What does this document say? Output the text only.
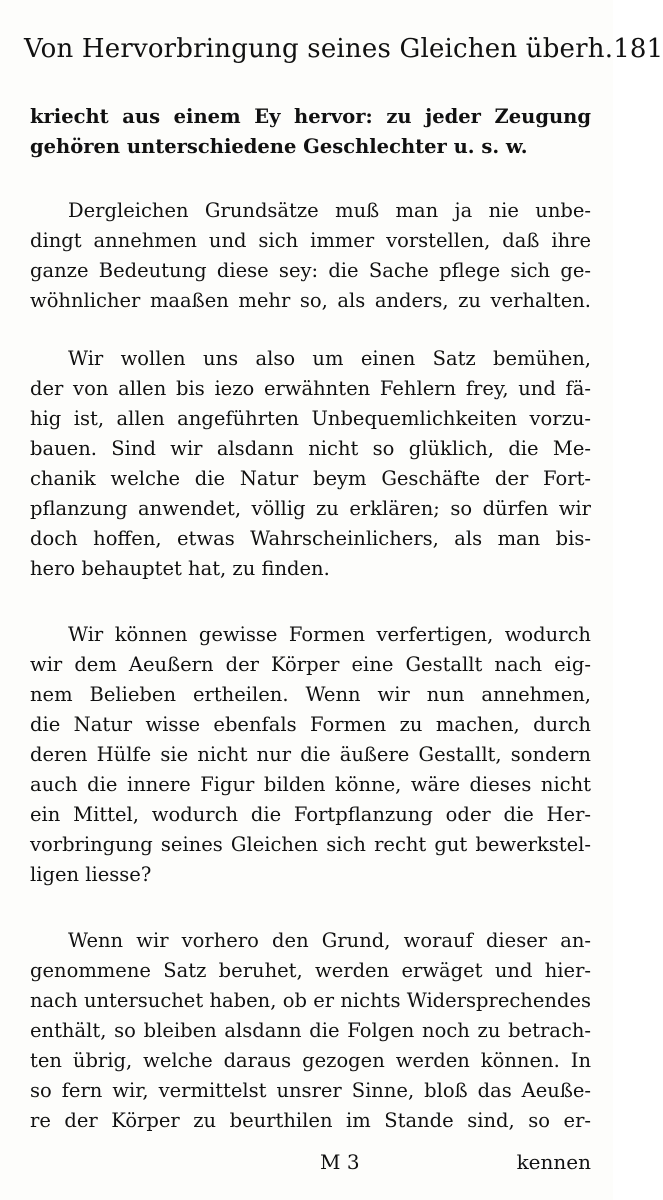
Von Hervorbringung seines Gleichen überh. 181
kriecht aus einem Ey hervor: zu jeder Zeugung
gehören unterschiedene Geschlechter u. s. w.
Dergleichen Grundsätze muß man ja nie unbe-
dingt annehmen und sich immer vorstellen, daß ihre
ganze Bedeutung diese sey: die Sache pflege sich ge-
wöhnlicher maaßen mehr so, als anders, zu verhalten.
Wir wollen uns also um einen Satz bemühen,
der von allen bis iezo erwähnten Fehlern frey, und fä-
hig ist, allen angeführten Unbequemlichkeiten vorzu-
bauen. Sind wir alsdann nicht so glüklich, die Me-
chanik welche die Natur beym Geschäfte der Fort-
pflanzung anwendet, völlig zu erklären; so dürfen wir
doch hoffen, etwas Wahrscheinlichers, als man bis-
hero behauptet hat, zu finden.
Wir können gewisse Formen verfertigen, wodurch
wir dem Aeußern der Körper eine Gestallt nach eig-
nem Belieben ertheilen. Wenn wir nun annehmen,
die Natur wisse ebenfals Formen zu machen, durch
deren Hülfe sie nicht nur die äußere Gestallt, sondern
auch die innere Figur bilden könne, wäre dieses nicht
ein Mittel, wodurch die Fortpflanzung oder die Her-
vorbringung seines Gleichen sich recht gut bewerkstel-
ligen liesse?
Wenn wir vorhero den Grund, worauf dieser an-
genommene Satz beruhet, werden erwäget und hier-
nach untersuchet haben, ob er nichts Widersprechendes
enthält, so bleiben alsdann die Folgen noch zu betrach-
ten übrig, welche daraus gezogen werden können. In
so fern wir, vermittelst unsrer Sinne, bloß das Aeuße-
re der Körper zu beurthilen im Stande sind, so er-
M 3	kennen
